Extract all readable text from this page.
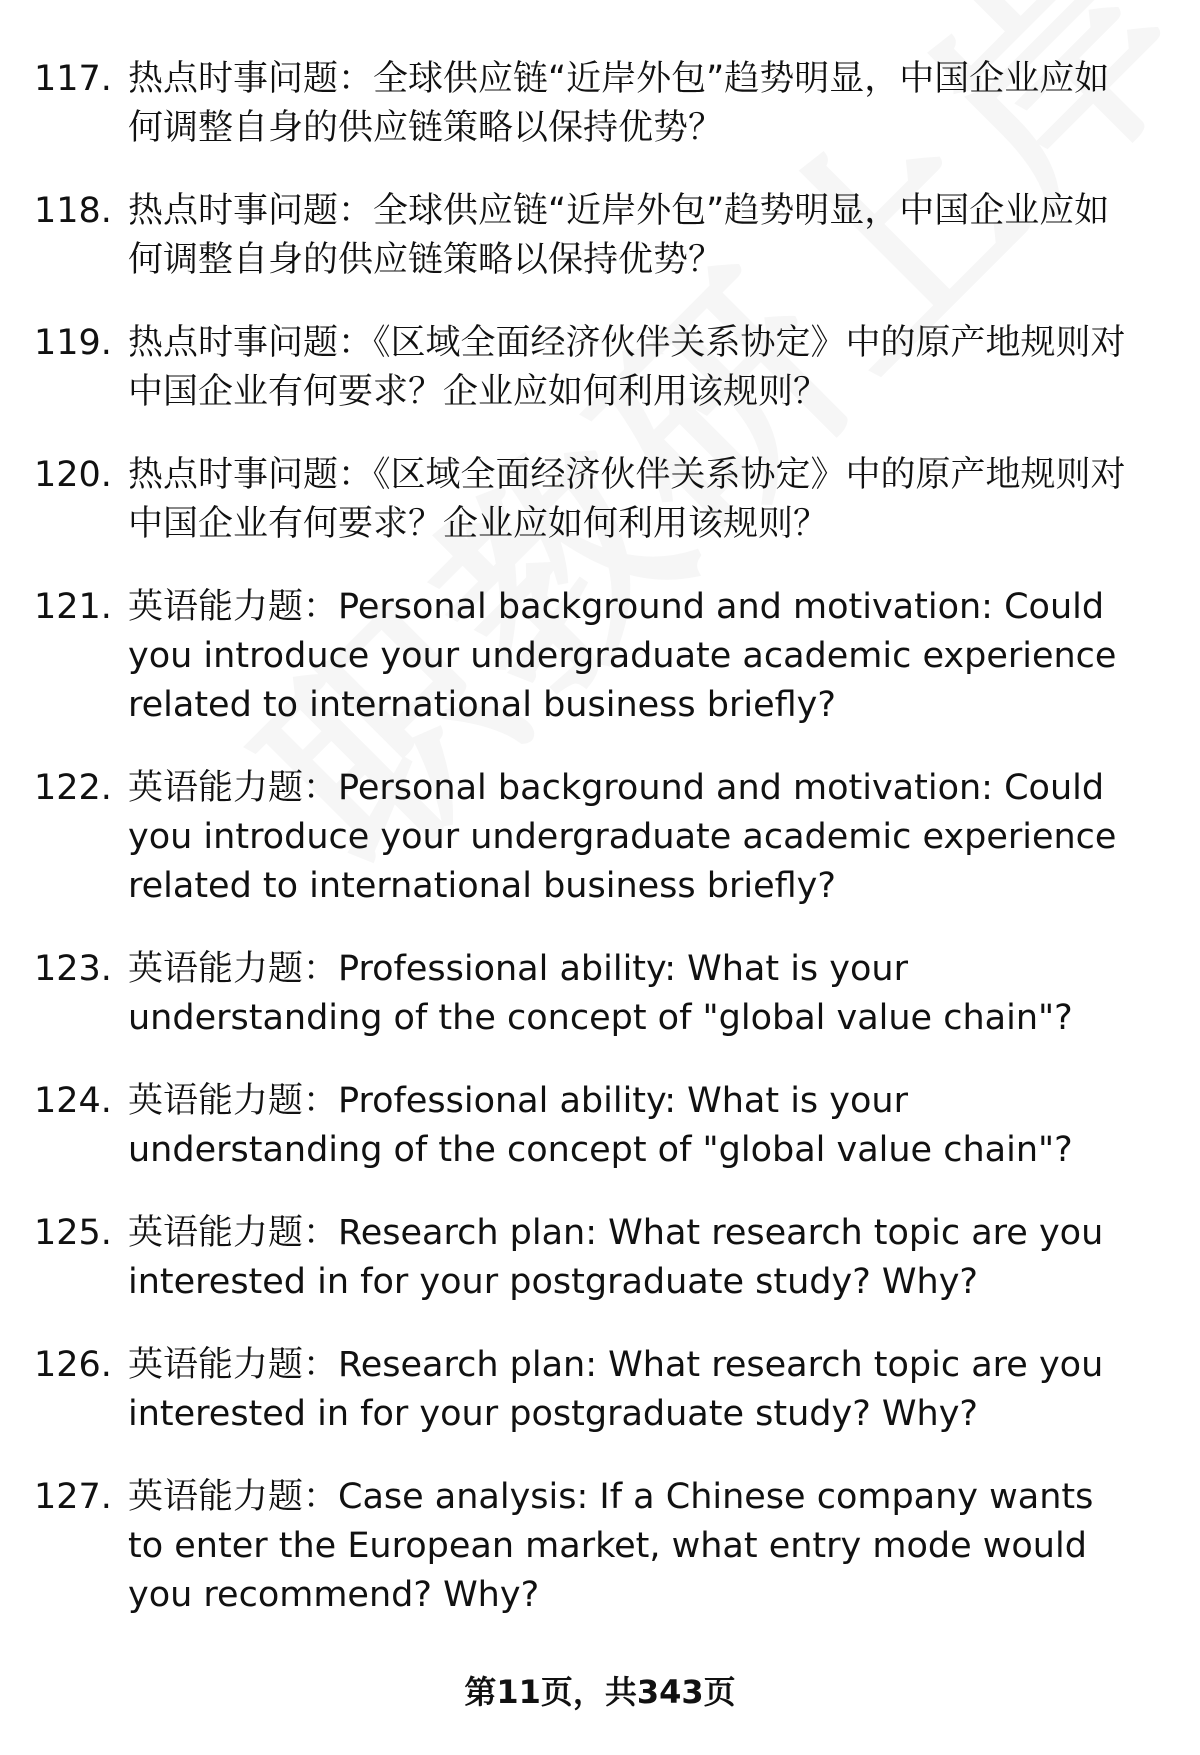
117. 热点时事问题：全球供应链“近岸外包”趋势明显，中国企业应如何调整自身的供应链策略以保持优势？
118. 热点时事问题：全球供应链“近岸外包”趋势明显，中国企业应如何调整自身的供应链策略以保持优势？
119. 热点时事问题：《区域全面经济伙伴关系协定》中的原产地规则对中国企业有何要求？企业应如何利用该规则？
120. 热点时事问题：《区域全面经济伙伴关系协定》中的原产地规则对中国企业有何要求？企业应如何利用该规则？
121. 英语能力题：Personal background and motivation: Could you introduce your undergraduate academic experience related to international business briefly?
122. 英语能力题：Personal background and motivation: Could you introduce your undergraduate academic experience related to international business briefly?
123. 英语能力题：Professional ability: What is your understanding of the concept of "global value chain"?
124. 英语能力题：Professional ability: What is your understanding of the concept of "global value chain"?
125. 英语能力题：Research plan: What research topic are you interested in for your postgraduate study? Why?
126. 英语能力题：Research plan: What research topic are you interested in for your postgraduate study? Why?
127. 英语能力题：Case analysis: If a Chinese company wants to enter the European market, what entry mode would you recommend? Why?
第11页，共343页
